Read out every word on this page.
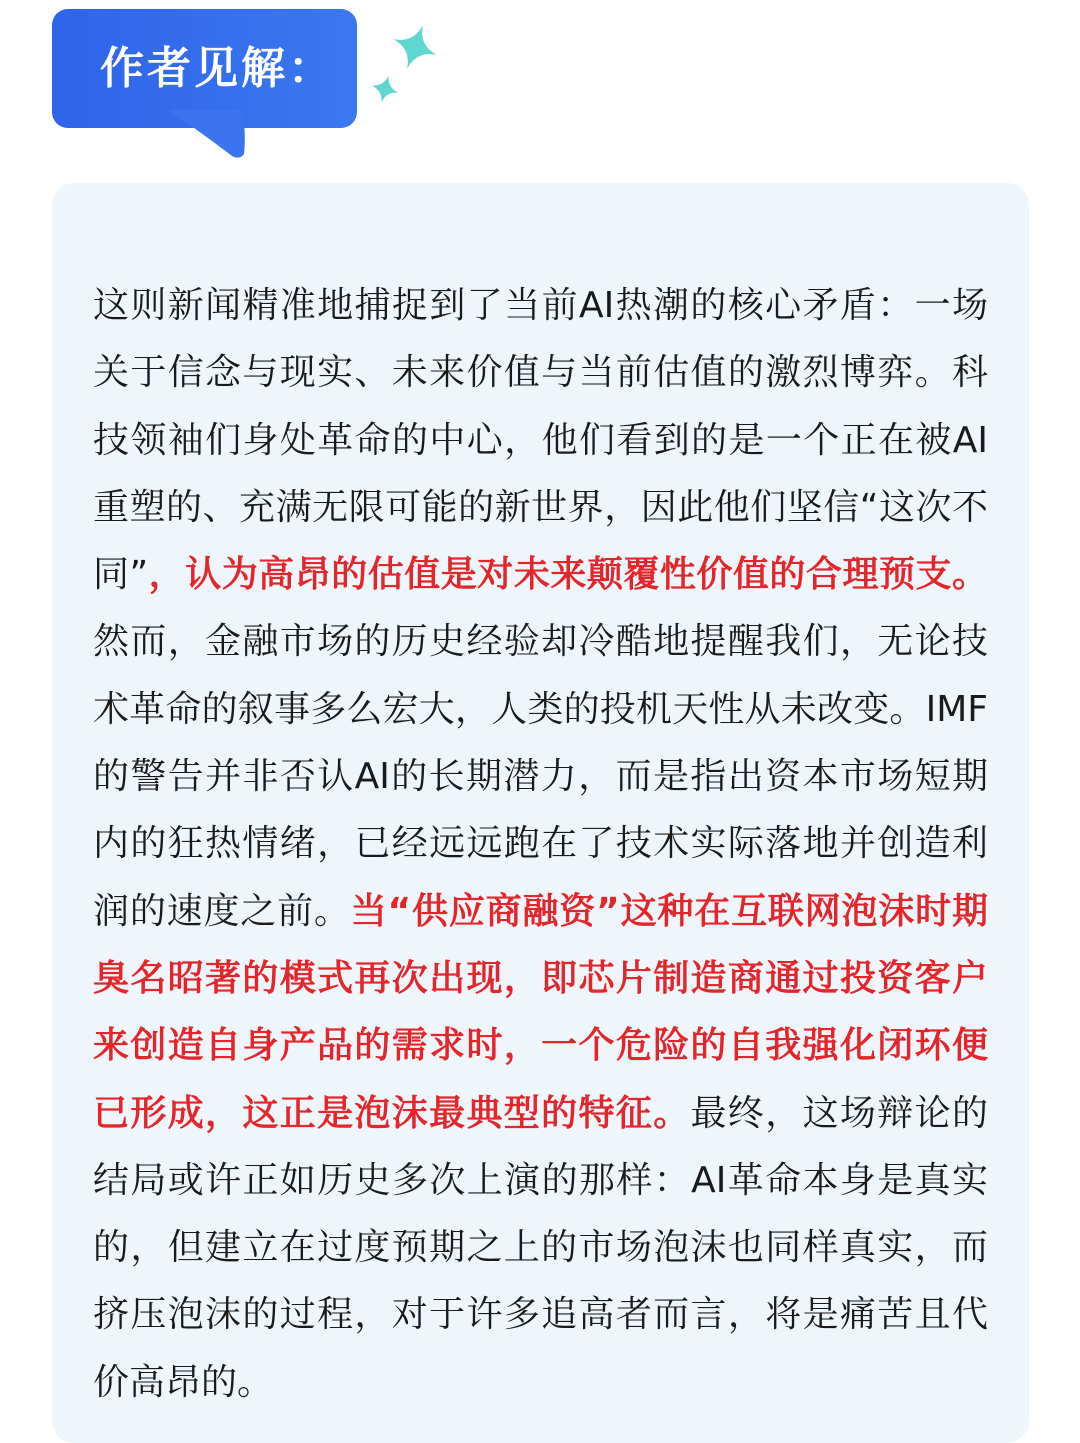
作者见解：

这则新闻精准地捕捉到了当前AI热潮的核心矛盾：一场关于信念与现实、未来价值与当前估值的激烈博弈。科技领袖们身处革命的中心，他们看到的是一个正在被AI重塑的、充满无限可能的新世界，因此他们坚信“这次不同”，认为高昂的估值是对未来颠覆性价值的合理预支。然而，金融市场的历史经验却冷酷地提醒我们，无论技术革命的叙事多么宏大，人类的投机天性从未改变。IMF的警告并非否认AI的长期潜力，而是指出资本市场短期内的狂热情绪，已经远远跑在了技术实际落地并创造利润的速度之前。当“供应商融资”这种在互联网泡沫时期臭名昭著的模式再次出现，即芯片制造商通过投资客户来创造自身产品的需求时，一个危险的自我强化闭环便已形成，这正是泡沫最典型的特征。最终，这场辩论的结局或许正如历史多次上演的那样：AI革命本身是真实的，但建立在过度预期之上的市场泡沫也同样真实，而挤压泡沫的过程，对于许多追高者而言，将是痛苦且代价高昂的。
